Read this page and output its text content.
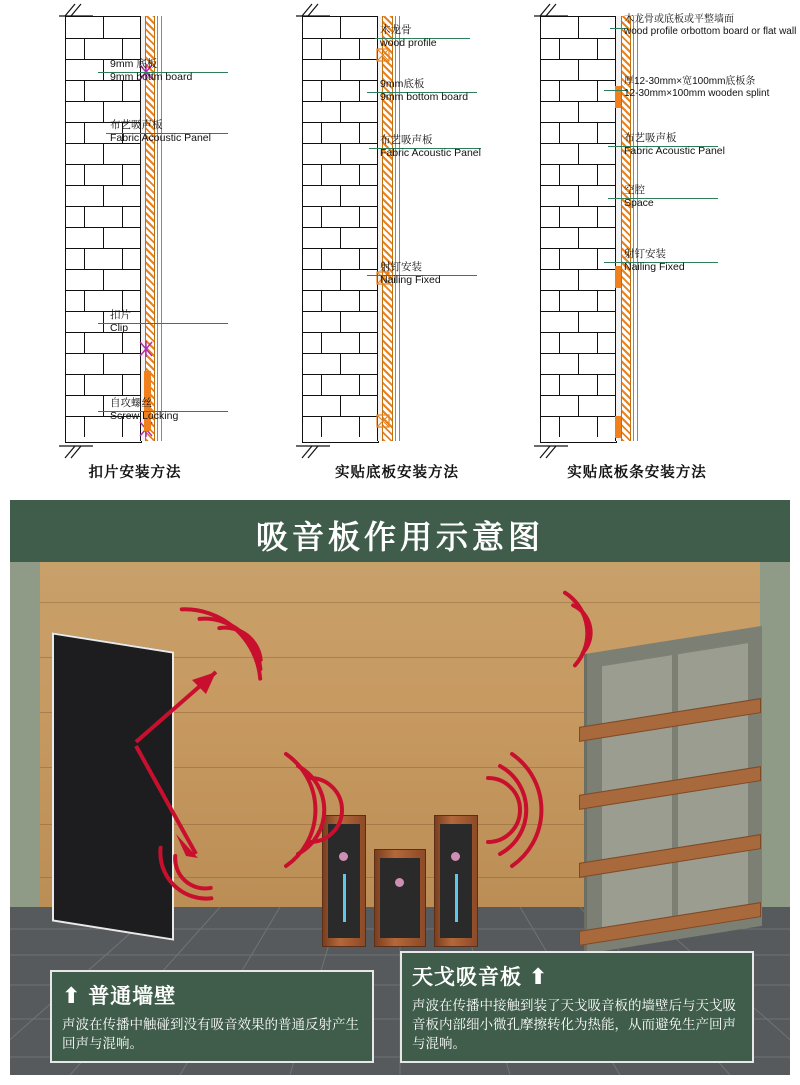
9mm 底板
9mm bottm board
布艺吸声板
Fabric Acoustic Panel
扣片
Clip
自攻螺丝
Screw Locking
扣片安装方法
木龙骨
wood profile
9mm底板
9mm bottom board
布艺吸声板
Fabric Acoustic Panel
射钉安装
Nailing Fixed
实贴底板安装方法
木龙骨或底板或平整墙面
wood profile orbottom board or flat wall
厚12-30mm×宽100mm底板条
12-30mm×100mm wooden splint
布艺吸声板
Fabric Acoustic Panel
空腔
Space
射钉安装
Nailing Fixed
实贴底板条安装方法
吸音板作用示意图
⬆ 普通墙壁
声波在传播中触碰到没有吸音效果的普通反射产生回声与混响。
天戈吸音板 ⬆
声波在传播中接触到装了天戈吸音板的墙壁后与天戈吸音板内部细小微孔摩擦转化为热能，从而避免生产回声与混响。
